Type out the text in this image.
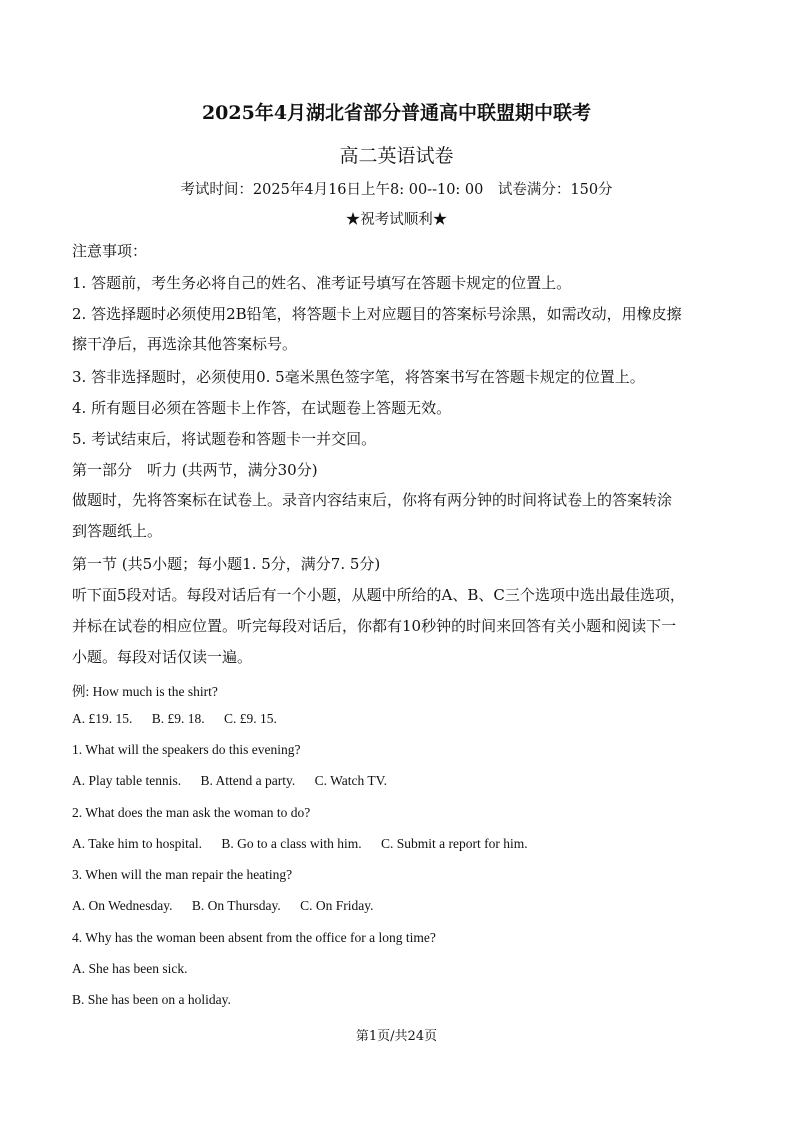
2025年4月湖北省部分普通高中联盟期中联考
高二英语试卷
考试时间：2025年4月16日上午8: 00--10: 00　试卷满分：150分
★祝考试顺利★
注意事项：
1. 答题前，考生务必将自己的姓名、准考证号填写在答题卡规定的位置上。
2. 答选择题时必须使用2B铅笔，将答题卡上对应题目的答案标号涂黑，如需改动，用橡皮擦
擦干净后，再选涂其他答案标号。
3. 答非选择题时，必须使用0. 5毫米黑色签字笔，将答案书写在答题卡规定的位置上。
4. 所有题目必须在答题卡上作答，在试题卷上答题无效。
5. 考试结束后，将试题卷和答题卡一并交回。
第一部分　听力 (共两节，满分30分)
做题时，先将答案标在试卷上。录音内容结束后，你将有两分钟的时间将试卷上的答案转涂
到答题纸上。
第一节 (共5小题；每小题1. 5分，满分7. 5分)
听下面5段对话。每段对话后有一个小题，从题中所给的A、B、C三个选项中选出最佳选项，
并标在试卷的相应位置。听完每段对话后，你都有10秒钟的时间来回答有关小题和阅读下一
小题。每段对话仅读一遍。
例: How much is the shirt?
A. £19. 15. B. £9. 18. C. £9. 15.
1. What will the speakers do this evening?
A. Play table tennis. B. Attend a party. C. Watch TV.
2. What does the man ask the woman to do?
A. Take him to hospital. B. Go to a class with him. C. Submit a report for him.
3. When will the man repair the heating?
A. On Wednesday. B. On Thursday. C. On Friday.
4. Why has the woman been absent from the office for a long time?
A. She has been sick.
B. She has been on a holiday.
第1页/共24页
